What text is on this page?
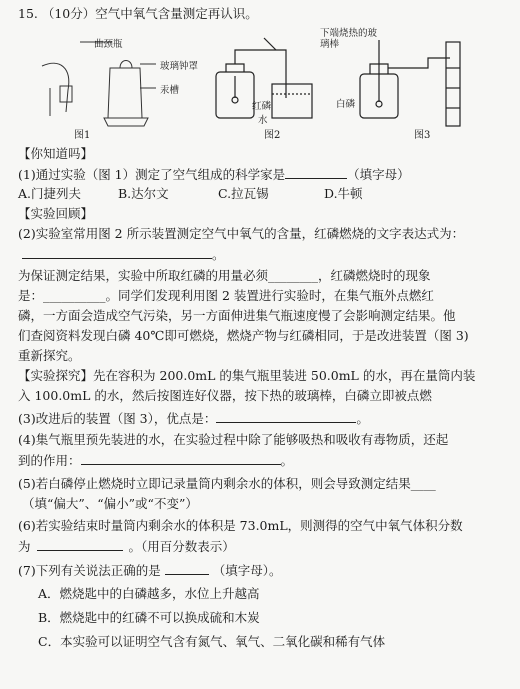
15. （10分）空气中氧气含量测定再认识。
曲颈瓶
玻璃钟罩
汞槽
图1
红磷
水
图2
下端烧热的玻璃棒
白磷
图3
【你知道吗】
(1)通过实验（图 1）测定了空气组成的科学家是	（填字母）
A.门捷列夫	B.达尔文	C.拉瓦锡	D.牛顿
【实验回顾】
(2)实验室常用图 2 所示装置测定空气中氧气的含量，红磷燃烧的文字表达式为：
。
为保证测定结果，实验中所取红磷的用量必须________，红磷燃烧时的现象
是：__________。同学们发现利用图 2 装置进行实验时，在集气瓶外点燃红
磷，一方面会造成空气污染，另一方面伸进集气瓶速度慢了会影响测定结果。他
们查阅资料发现白磷 40℃即可燃烧，燃烧产物与红磷相同，于是改进装置（图 3)
重新探究。
【实验探究】先在容积为 200.0mL 的集气瓶里装进 50.0mL 的水，再在量筒内装
入 100.0mL 的水，然后按图连好仪器，按下热的玻璃棒，白磷立即被点燃
(3)改进后的装置（图 3），优点是：	。
(4)集气瓶里预先装进的水，在实验过程中除了能够吸热和吸收有毒物质，还起
到的作用：	。
(5)若白磷停止燃烧时立即记录量筒内剩余水的体积，则会导致测定结果____
（填“偏大”、“偏小”或“不变”）
(6)若实验结束时量筒内剩余水的体积是 73.0mL，则测得的空气中氧气体积分数
为	。（用百分数表示）
(7)下列有关说法正确的是	（填字母）。
A．燃烧匙中的白磷越多，水位上升越高
B．燃烧匙中的红磷不可以换成硫和木炭
C．本实验可以证明空气含有氮气、氧气、二氧化碳和稀有气体
